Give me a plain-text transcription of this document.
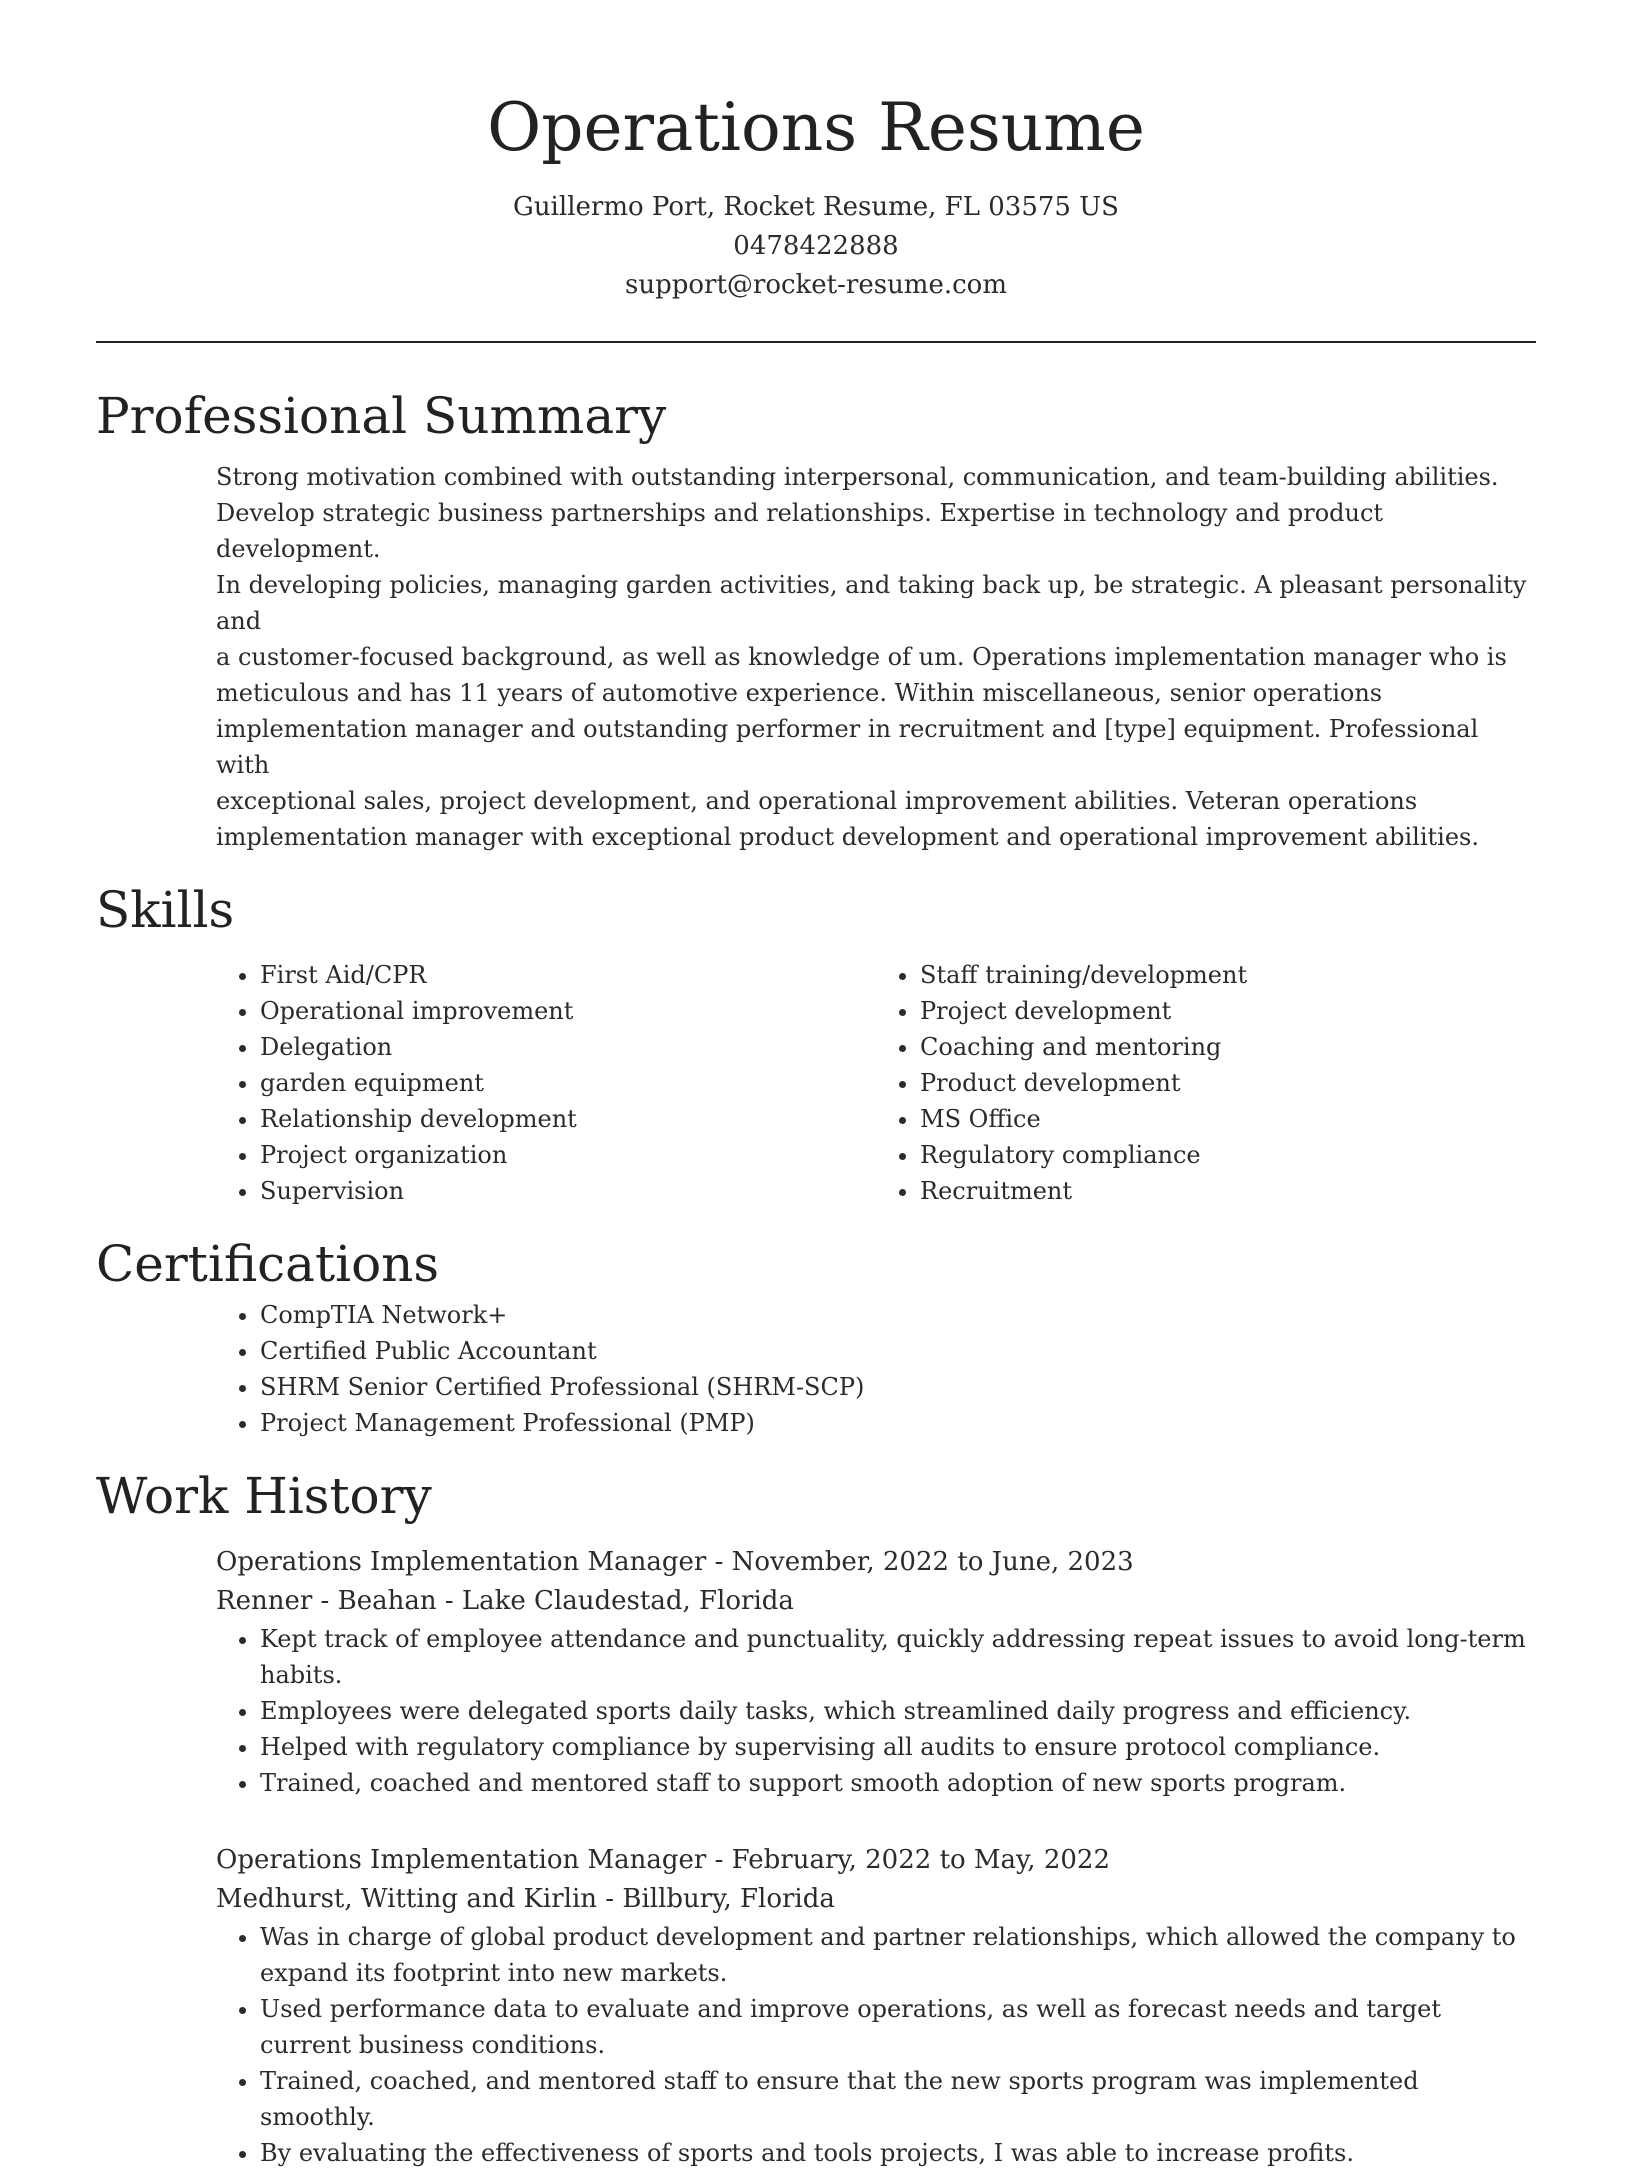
Operations Resume
Guillermo Port, Rocket Resume, FL 03575 US
0478422888
support@rocket-resume.com
Professional Summary
Strong motivation combined with outstanding interpersonal, communication, and team-building abilities.
Develop strategic business partnerships and relationships. Expertise in technology and product development.
In developing policies, managing garden activities, and taking back up, be strategic. A pleasant personality and
a customer-focused background, as well as knowledge of um. Operations implementation manager who is
meticulous and has 11 years of automotive experience. Within miscellaneous, senior operations
implementation manager and outstanding performer in recruitment and [type] equipment. Professional with
exceptional sales, project development, and operational improvement abilities. Veteran operations
implementation manager with exceptional product development and operational improvement abilities.
Skills
• First Aid/CPR
• Operational improvement
• Delegation
• garden equipment
• Relationship development
• Project organization
• Supervision
• Staff training/development
• Project development
• Coaching and mentoring
• Product development
• MS Office
• Regulatory compliance
• Recruitment
Certifications
• CompTIA Network+
• Certified Public Accountant
• SHRM Senior Certified Professional (SHRM-SCP)
• Project Management Professional (PMP)
Work History
Operations Implementation Manager - November, 2022 to June, 2023
Renner - Beahan - Lake Claudestad, Florida
• Kept track of employee attendance and punctuality, quickly addressing repeat issues to avoid long-term habits.
• Employees were delegated sports daily tasks, which streamlined daily progress and efficiency.
• Helped with regulatory compliance by supervising all audits to ensure protocol compliance.
• Trained, coached and mentored staff to support smooth adoption of new sports program.
Operations Implementation Manager - February, 2022 to May, 2022
Medhurst, Witting and Kirlin - Billbury, Florida
• Was in charge of global product development and partner relationships, which allowed the company to expand its footprint into new markets.
• Used performance data to evaluate and improve operations, as well as forecast needs and target current business conditions.
• Trained, coached, and mentored staff to ensure that the new sports program was implemented smoothly.
• By evaluating the effectiveness of sports and tools projects, I was able to increase profits.
